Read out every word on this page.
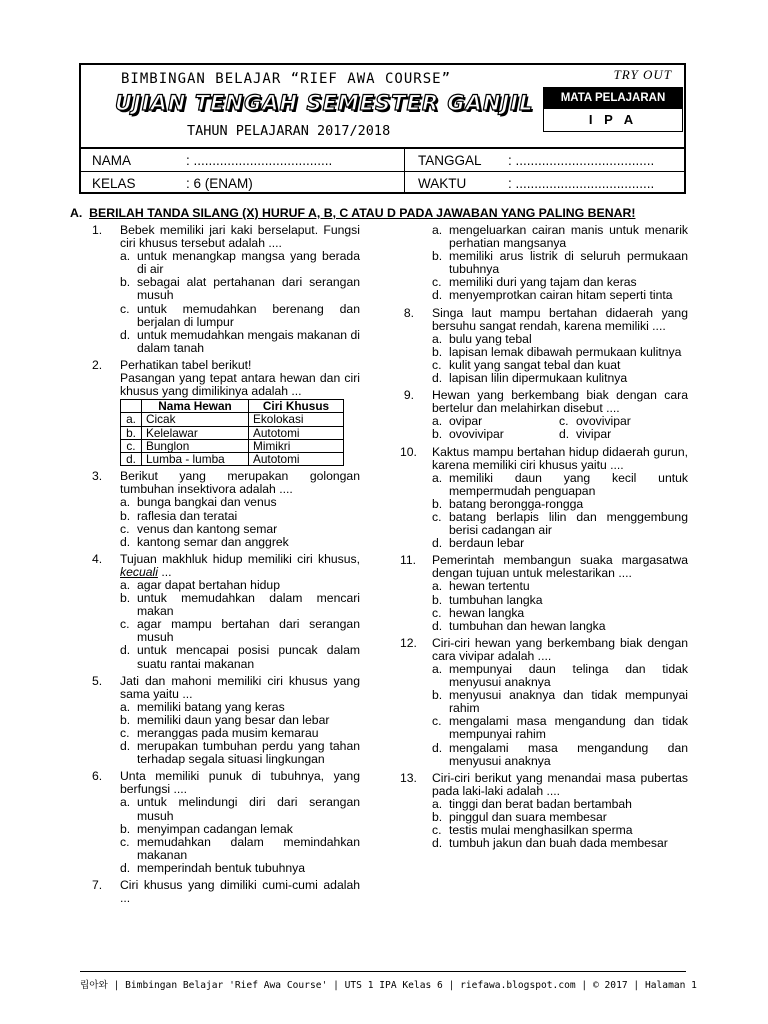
BIMBINGAN BELAJAR “RIEF AWA COURSE”
UJIAN TENGAH SEMESTER GANJIL
TAHUN PELAJARAN 2017/2018
TRY OUT
MATA PELAJARAN
I P A
NAMA	: .....................................
KELAS	: 6 (ENAM)
TANGGAL : .....................................
WAKTU	: .....................................
A. BERILAH TANDA SILANG (X) HURUF A, B, C ATAU D PADA JAWABAN YANG PALING BENAR!
1.	Bebek memiliki jari kaki berselaput. Fungsi ciri khusus tersebut adalah ....
a. untuk menangkap mangsa yang berada di air
b. sebagai alat pertahanan dari serangan musuh
c. untuk memudahkan berenang dan berjalan di lumpur
d. untuk memudahkan mengais makanan di dalam tanah
2.	Perhatikan tabel berikut!
Pasangan yang tepat antara hewan dan ciri khusus yang dimilikinya adalah ...
	Nama Hewan	Ciri Khusus
a.	Cicak	Ekolokasi
b.	Kelelawar	Autotomi
c.	Bunglon	Mimikri
d.	Lumba - lumba	Autotomi
3.	Berikut yang merupakan golongan tumbuhan insektivora adalah ....
a. bunga bangkai dan venus
b. raflesia dan teratai
c. venus dan kantong semar
d. kantong semar dan anggrek
4.	Tujuan makhluk hidup memiliki ciri khusus, kecuali ...
a. agar dapat bertahan hidup
b. untuk memudahkan dalam mencari makan
c. agar mampu bertahan dari serangan musuh
d. untuk mencapai posisi puncak dalam suatu rantai makanan
5.	Jati dan mahoni memiliki ciri khusus yang sama yaitu ...
a. memiliki batang yang keras
b. memiliki daun yang besar dan lebar
c. meranggas pada musim kemarau
d. merupakan tumbuhan perdu yang tahan terhadap segala situasi lingkungan
6.	Unta memiliki punuk di tubuhnya, yang berfungsi ....
a. untuk melindungi diri dari serangan musuh
b. menyimpan cadangan lemak
c. memudahkan dalam memindahkan makanan
d. memperindah bentuk tubuhnya
7.	Ciri khusus yang dimiliki cumi-cumi adalah ...
a. mengeluarkan cairan manis untuk menarik perhatian mangsanya
b. memiliki arus listrik di seluruh permukaan tubuhnya
c. memiliki duri yang tajam dan keras
d. menyemprotkan cairan hitam seperti tinta
8. Singa laut mampu bertahan didaerah yang bersuhu sangat rendah, karena memiliki ....
a. bulu yang tebal
b. lapisan lemak dibawah permukaan kulitnya
c. kulit yang sangat tebal dan kuat
d. lapisan lilin dipermukaan kulitnya
9. Hewan yang berkembang biak dengan cara bertelur dan melahirkan disebut ....
a. ovipar	c. ovovivipar
b. ovovivipar	d. vivipar
10.	Kaktus mampu bertahan hidup didaerah gurun, karena memiliki ciri khusus yaitu ....
a. memiliki daun yang kecil untuk mempermudah penguapan
b. batang berongga-rongga
c. batang berlapis lilin dan menggembung berisi cadangan air
d. berdaun lebar
11.	Pemerintah membangun suaka margasatwa dengan tujuan untuk melestarikan ....
a. hewan tertentu
b. tumbuhan langka
c. hewan langka
d. tumbuhan dan hewan langka
12.	Ciri-ciri hewan yang berkembang biak dengan cara vivipar adalah ....
a. mempunyai daun telinga dan tidak menyusui anaknya
b. menyusui anaknya dan tidak mempunyai rahim
c. mengalami masa mengandung dan tidak mempunyai rahim
d. mengalami masa mengandung dan menyusui anaknya
13.	Ciri-ciri berikut yang menandai masa pubertas pada laki-laki adalah ....
a. tinggi dan berat badan bertambah
b. pinggul dan suara membesar
c. testis mulai menghasilkan sperma
d. tumbuh jakun dan buah dada membesar
립아와 | Bimbingan Belajar 'Rief Awa Course' | UTS 1 IPA Kelas 6 | riefawa.blogspot.com | © 2017 | Halaman 1
